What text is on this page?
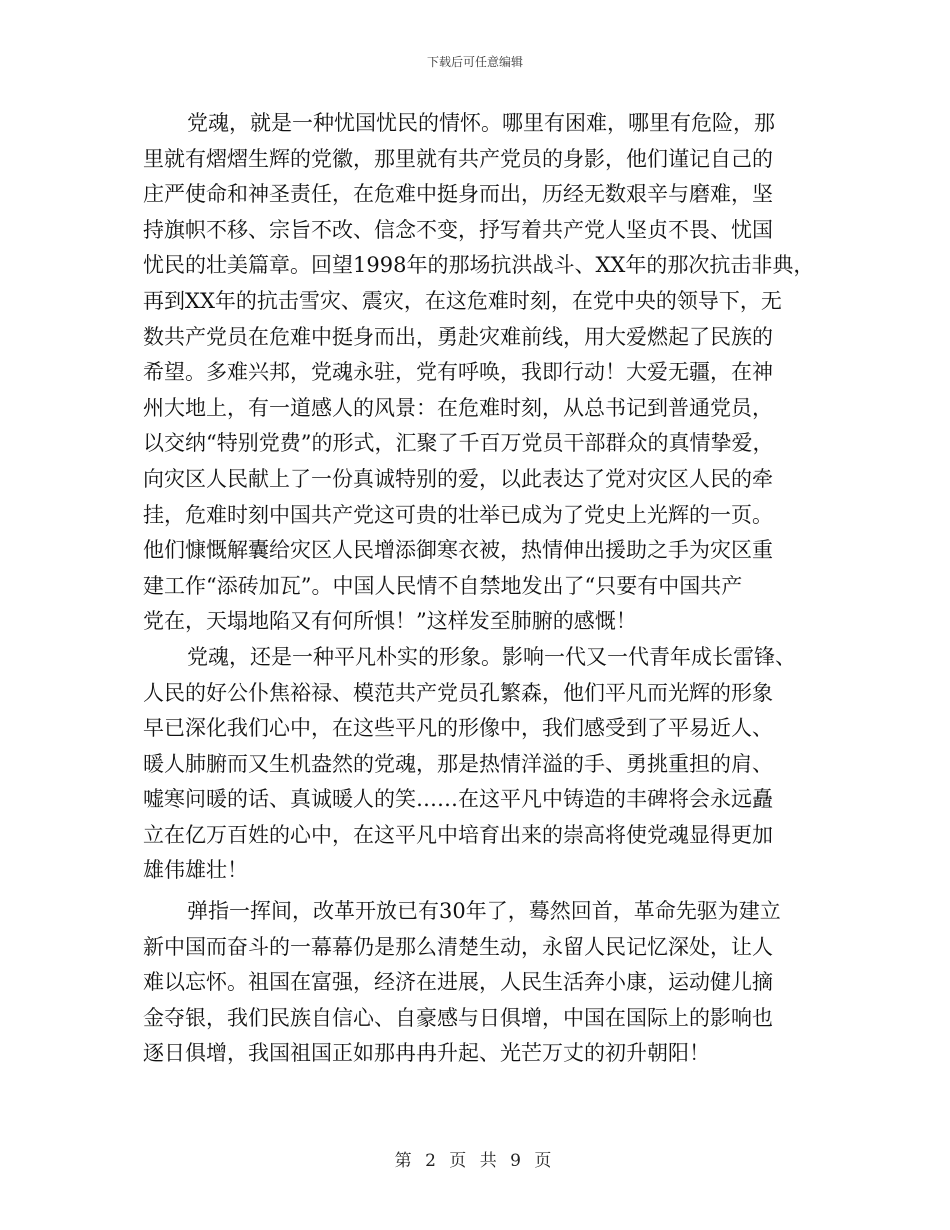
下载后可任意编辑
党魂，就是一种忧国忧民的情怀。哪里有困难，哪里有危险，那
里就有熠熠生辉的党徽，那里就有共产党员的身影，他们谨记自己的
庄严使命和神圣责任，在危难中挺身而出，历经无数艰辛与磨难，坚
持旗帜不移、宗旨不改、信念不变，抒写着共产党人坚贞不畏、忧国
忧民的壮美篇章。回望1998年的那场抗洪战斗、XX年的那次抗击非典，
再到XX年的抗击雪灾、震灾，在这危难时刻，在党中央的领导下，无
数共产党员在危难中挺身而出，勇赴灾难前线，用大爱燃起了民族的
希望。多难兴邦，党魂永驻，党有呼唤，我即行动！大爱无疆，在神
州大地上，有一道感人的风景：在危难时刻，从总书记到普通党员，
以交纳“特别党费”的形式，汇聚了千百万党员干部群众的真情挚爱，
向灾区人民献上了一份真诚特别的爱，以此表达了党对灾区人民的牵
挂，危难时刻中国共产党这可贵的壮举已成为了党史上光辉的一页。
他们慷慨解囊给灾区人民增添御寒衣被，热情伸出援助之手为灾区重
建工作“添砖加瓦”。中国人民情不自禁地发出了“只要有中国共产
党在，天塌地陷又有何所惧！”这样发至肺腑的感慨！
党魂，还是一种平凡朴实的形象。影响一代又一代青年成长雷锋、
人民的好公仆焦裕禄、模范共产党员孔繁森，他们平凡而光辉的形象
早已深化我们心中，在这些平凡的形像中，我们感受到了平易近人、
暖人肺腑而又生机盎然的党魂，那是热情洋溢的手、勇挑重担的肩、
嘘寒问暖的话、真诚暖人的笑……在这平凡中铸造的丰碑将会永远矗
立在亿万百姓的心中，在这平凡中培育出来的崇高将使党魂显得更加
雄伟雄壮！
弹指一挥间，改革开放已有30年了，蓦然回首，革命先驱为建立
新中国而奋斗的一幕幕仍是那么清楚生动，永留人民记忆深处，让人
难以忘怀。祖国在富强，经济在进展，人民生活奔小康，运动健儿摘
金夺银，我们民族自信心、自豪感与日俱增，中国在国际上的影响也
逐日俱增，我国祖国正如那冉冉升起、光芒万丈的初升朝阳！
第 2 页 共 9 页
